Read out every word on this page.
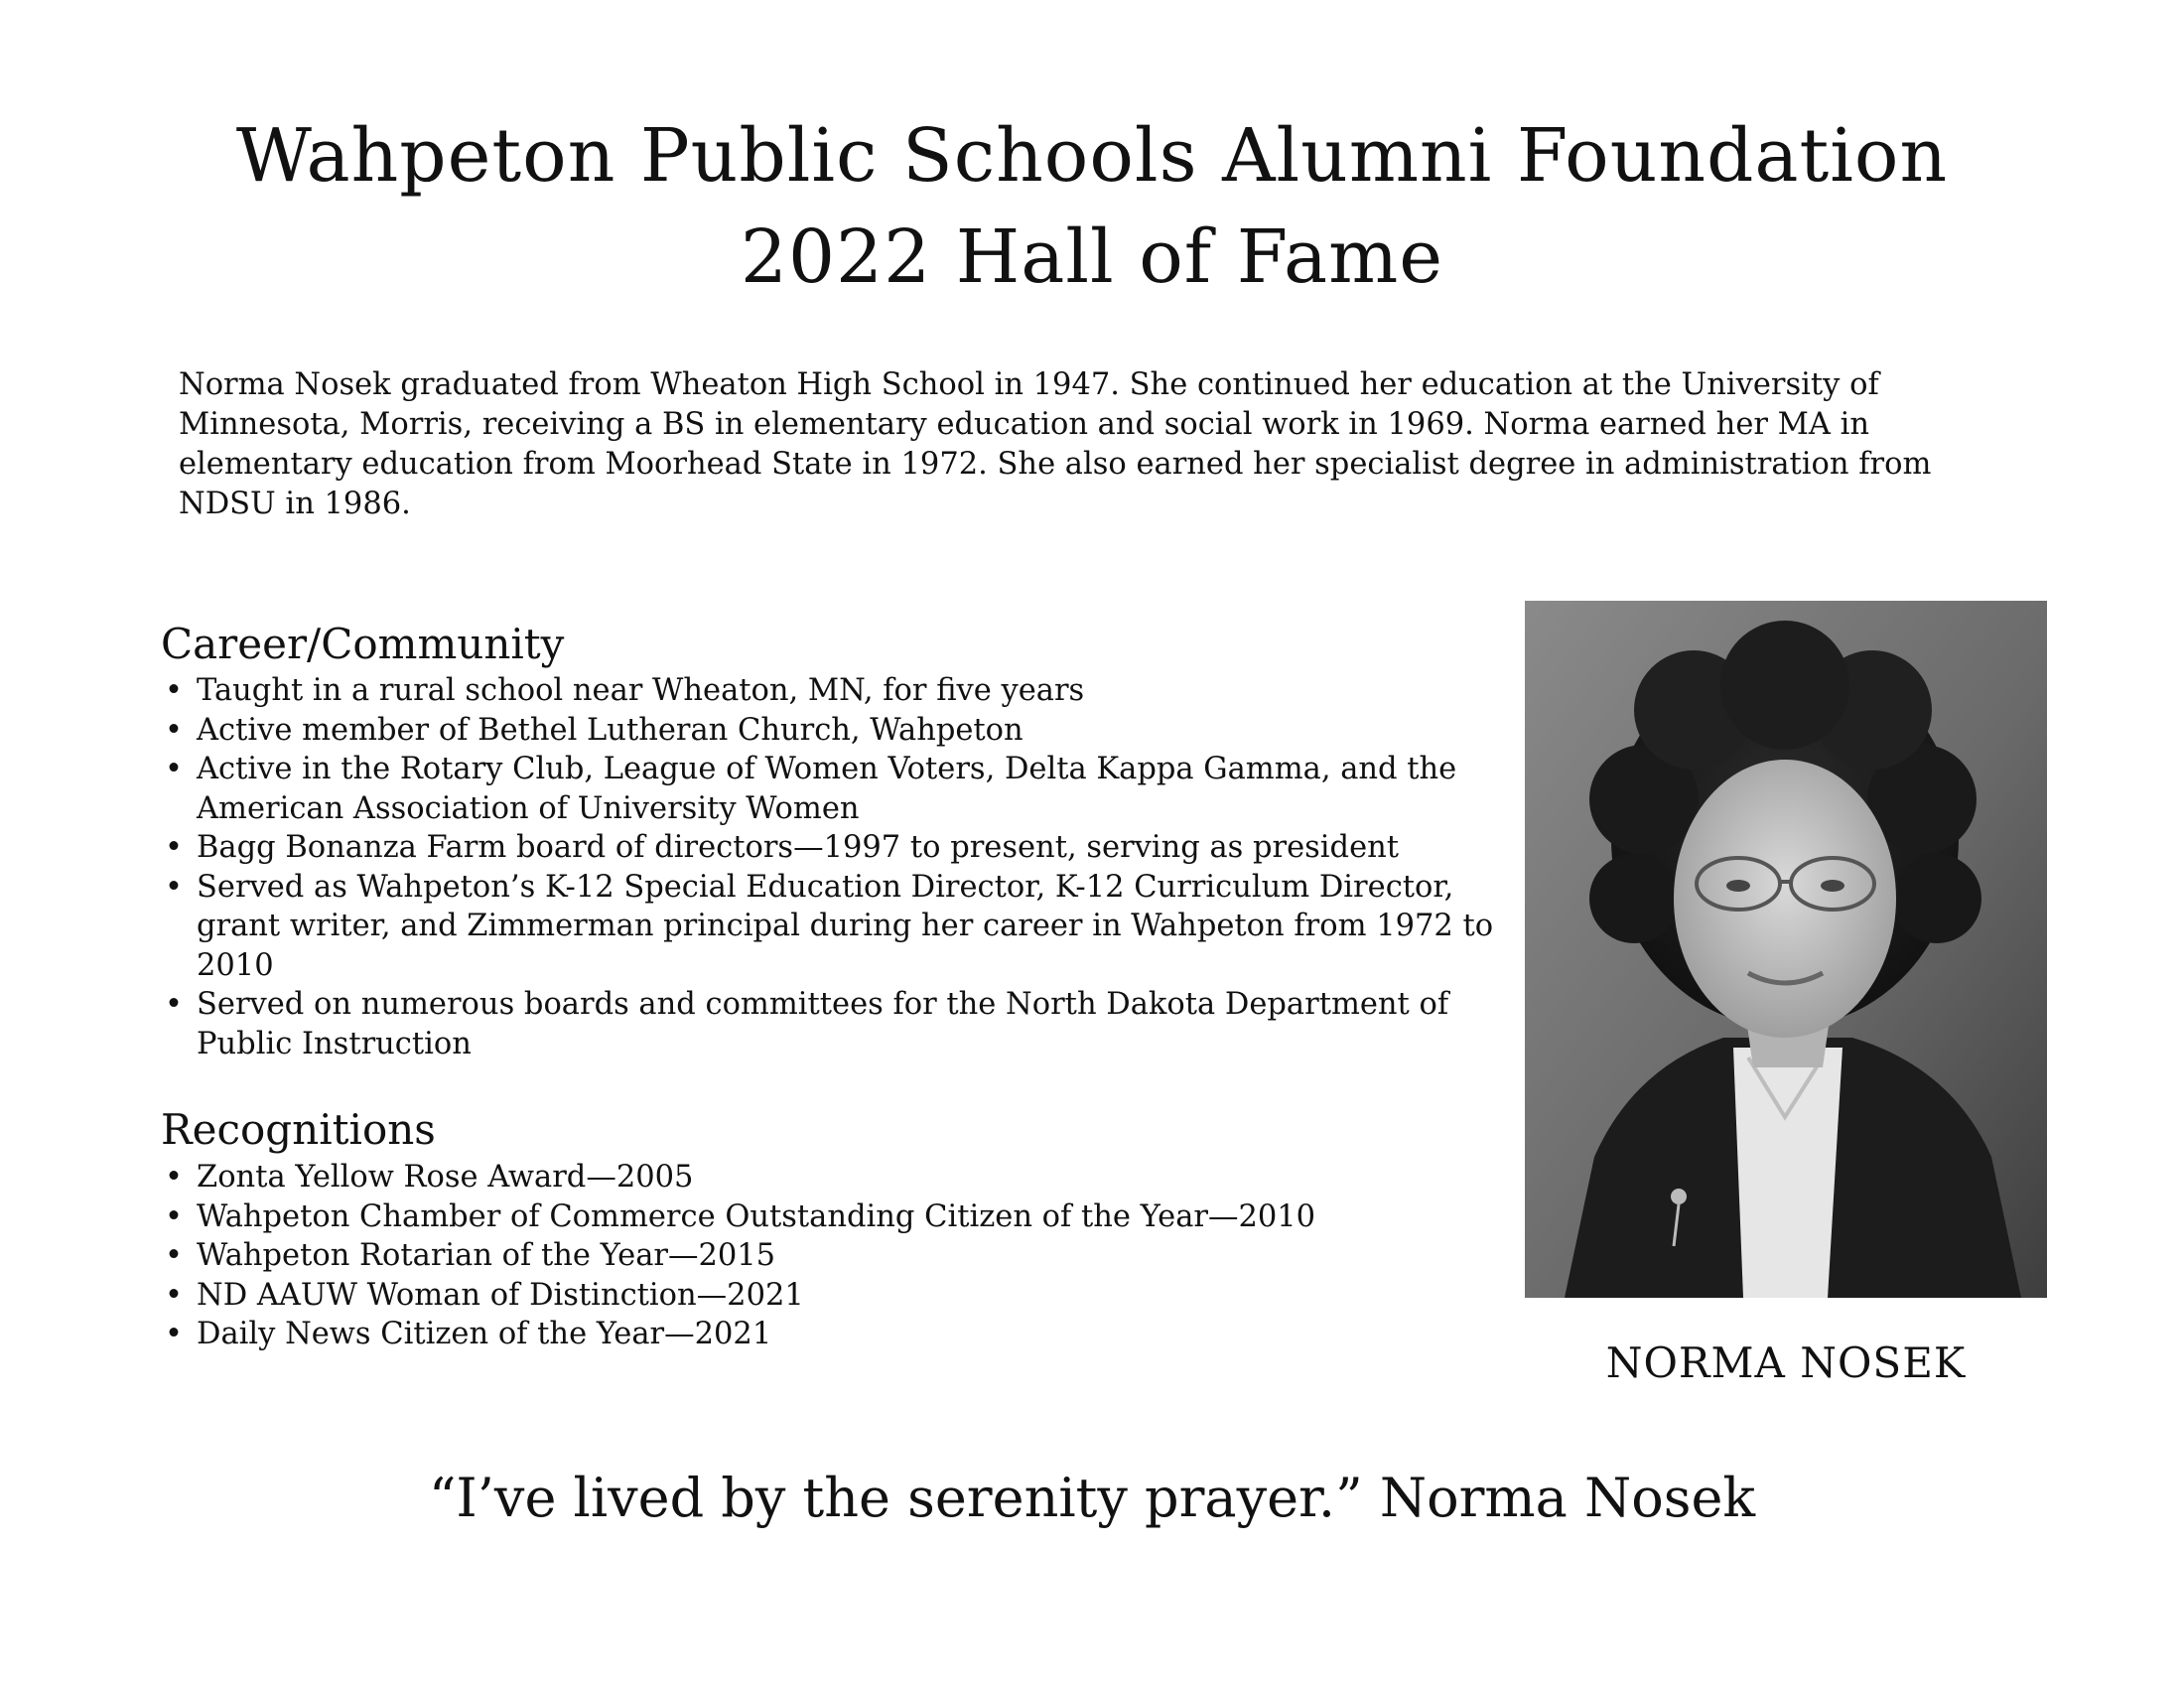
Wahpeton Public Schools Alumni Foundation
2022 Hall of Fame

Norma Nosek graduated from Wheaton High School in 1947. She continued her education at the University of Minnesota, Morris, receiving a BS in elementary education and social work in 1969. Norma earned her MA in elementary education from Moorhead State in 1972. She also earned her specialist degree in administration from NDSU in 1986.

Career/Community
• Taught in a rural school near Wheaton, MN, for five years
• Active member of Bethel Lutheran Church, Wahpeton
• Active in the Rotary Club, League of Women Voters, Delta Kappa Gamma, and the American Association of University Women
• Bagg Bonanza Farm board of directors—1997 to present, serving as president
• Served as Wahpeton’s K-12 Special Education Director, K-12 Curriculum Director, grant writer, and Zimmerman principal during her career in Wahpeton from 1972 to 2010
• Served on numerous boards and committees for the North Dakota Department of Public Instruction
Recognitions
• Zonta Yellow Rose Award—2005
• Wahpeton Chamber of Commerce Outstanding Citizen of the Year—2010
• Wahpeton Rotarian of the Year—2015
• ND AAUW Woman of Distinction—2021
• Daily News Citizen of the Year—2021
NORMA NOSEK
“I’ve lived by the serenity prayer.” Norma Nosek
